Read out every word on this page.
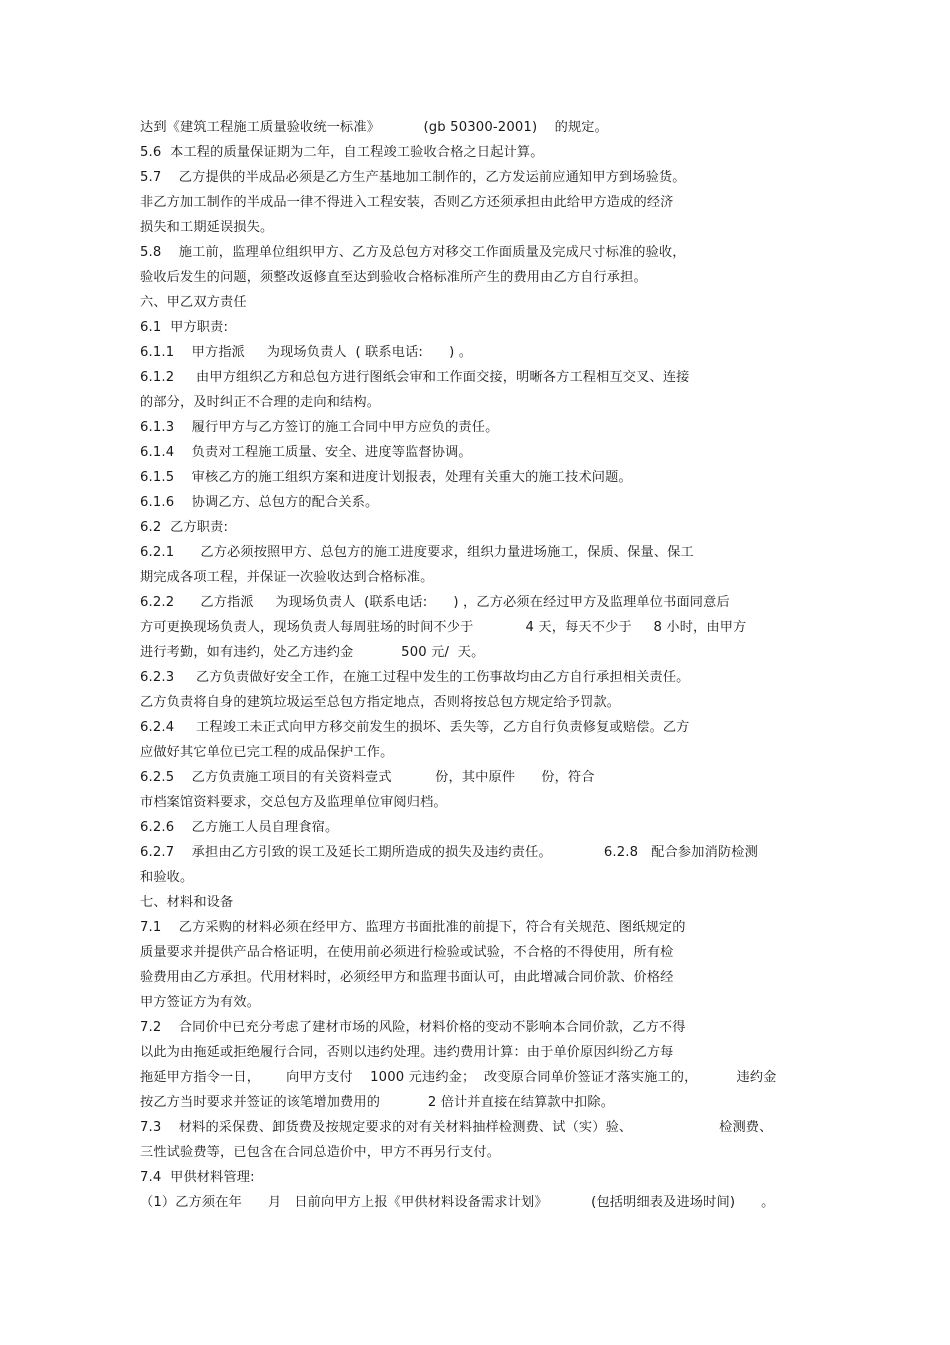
达到《建筑工程施工质量验收统一标准》          (gb 50300-2001)    的规定。
5.6  本工程的质量保证期为二年，自工程竣工验收合格之日起计算。
5.7    乙方提供的半成品必须是乙方生产基地加工制作的，乙方发运前应通知甲方到场验货。
非乙方加工制作的半成品一律不得进入工程安装，否则乙方还须承担由此给甲方造成的经济
损失和工期延误损失。
5.8    施工前，监理单位组织甲方、乙方及总包方对移交工作面质量及完成尺寸标准的验收，
验收后发生的问题，须整改返修直至达到验收合格标准所产生的费用由乙方自行承担。
六、甲乙双方责任
6.1  甲方职责:
6.1.1    甲方指派     为现场负责人  ( 联系电话:      ) 。
6.1.2     由甲方组织乙方和总包方进行图纸会审和工作面交接，明晰各方工程相互交叉、连接
的部分，及时纠正不合理的走向和结构。
6.1.3    履行甲方与乙方签订的施工合同中甲方应负的责任。
6.1.4    负责对工程施工质量、安全、进度等监督协调。
6.1.5    审核乙方的施工组织方案和进度计划报表，处理有关重大的施工技术问题。
6.1.6    协调乙方、总包方的配合关系。
6.2  乙方职责:
6.2.1      乙方必须按照甲方、总包方的施工进度要求，组织力量进场施工，保质、保量、保工
期完成各项工程，并保证一次验收达到合格标准。
6.2.2      乙方指派     为现场负责人  (联系电话:      ) ，乙方必须在经过甲方及监理单位书面同意后
方可更换现场负责人，现场负责人每周驻场的时间不少于            4 天，每天不少于     8 小时，由甲方
进行考勤，如有违约，处乙方违约金           500 元/  天。
6.2.3     乙方负责做好安全工作，在施工过程中发生的工伤事故均由乙方自行承担相关责任。
乙方负责将自身的建筑垃圾运至总包方指定地点，否则将按总包方规定给予罚款。
6.2.4     工程竣工未正式向甲方移交前发生的损坏、丢失等，乙方自行负责修复或赔偿。乙方
应做好其它单位已完工程的成品保护工作。
6.2.5    乙方负责施工项目的有关资料壹式          份，其中原件      份，符合
市档案馆资料要求，交总包方及监理单位审阅归档。
6.2.6    乙方施工人员自理食宿。
6.2.7    承担由乙方引致的误工及延长工期所造成的损失及违约责任。            6.2.8   配合参加消防检测
和验收。
七、材料和设备
7.1    乙方采购的材料必须在经甲方、监理方书面批准的前提下，符合有关规范、图纸规定的
质量要求并提供产品合格证明，在使用前必须进行检验或试验，不合格的不得使用，所有检
验费用由乙方承担。代用材料时，必须经甲方和监理书面认可，由此增减合同价款、价格经
甲方签证方为有效。
7.2    合同价中已充分考虑了建材市场的风险，材料价格的变动不影响本合同价款，乙方不得
以此为由拖延或拒绝履行合同，否则以违约处理。违约费用计算：由于单价原因纠纷乙方每
拖延甲方指令一日，      向甲方支付    1000 元违约金；  改变原合同单价签证才落实施工的，         违约金
按乙方当时要求并签证的该笔增加费用的           2 倍计并直接在结算款中扣除。
7.3    材料的采保费、卸货费及按规定要求的对有关材料抽样检测费、试（实）验、                    检测费、
三性试验费等，已包含在合同总造价中，甲方不再另行支付。
7.4  甲供材料管理:
（1）乙方须在年      月   日前向甲方上报《甲供材料设备需求计划》          (包括明细表及进场时间)      。
